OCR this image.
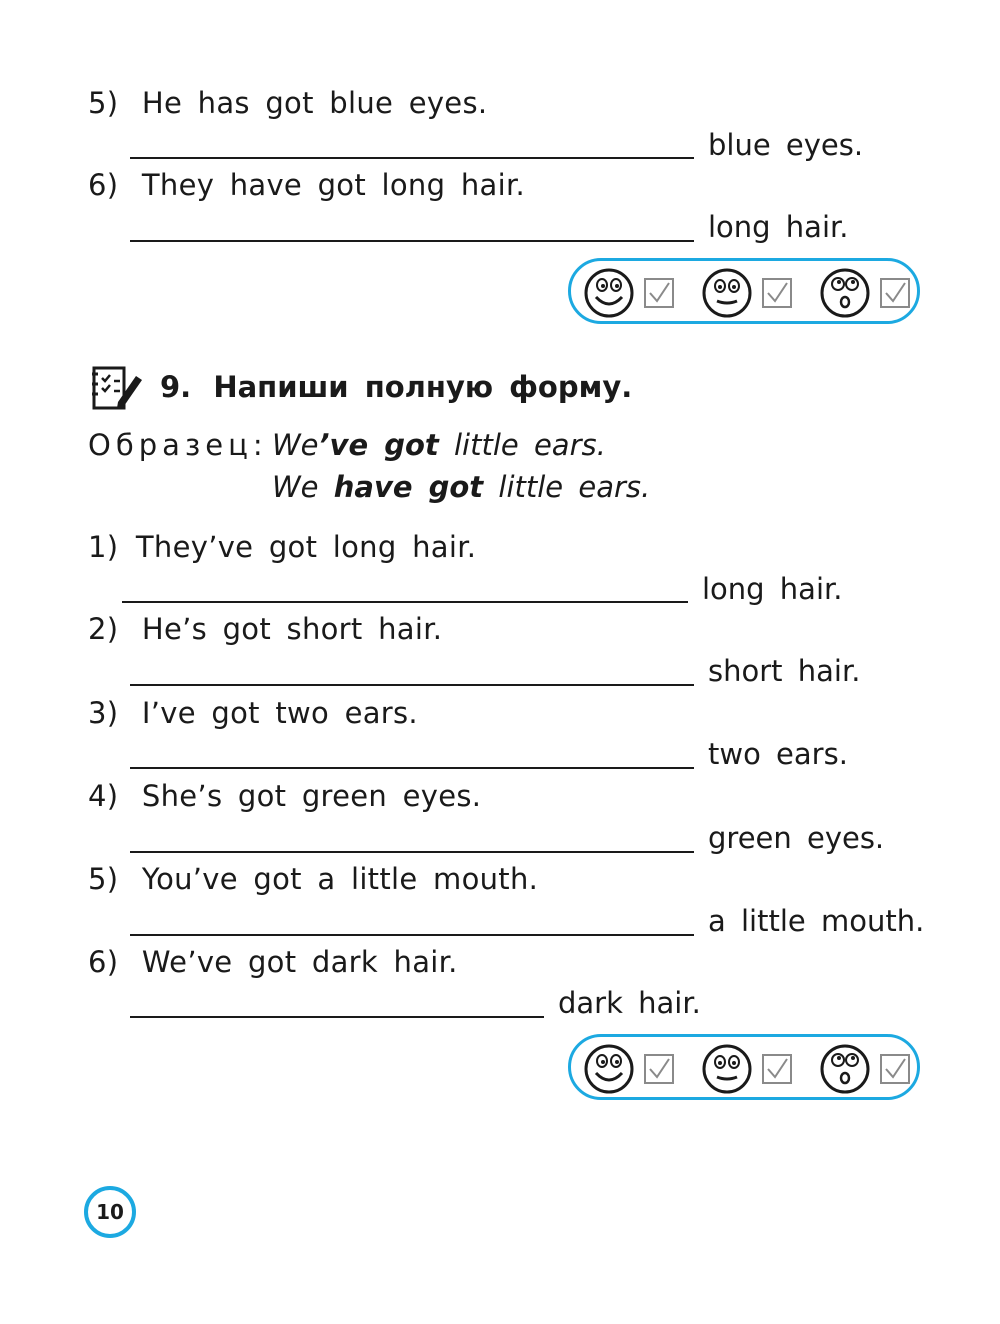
5) He has got blue eyes.
blue eyes.
6) They have got long hair.
long hair.
9. Напиши полную форму.
Образец: We’ve got little ears.
We have got little ears.
1) They’ve got long hair.
long hair.
2) He’s got short hair.
short hair.
3) I’ve got two ears.
two ears.
4) She’s got green eyes.
green eyes.
5) You’ve got a little mouth.
a little mouth.
6) We’ve got dark hair.
dark hair.
10
